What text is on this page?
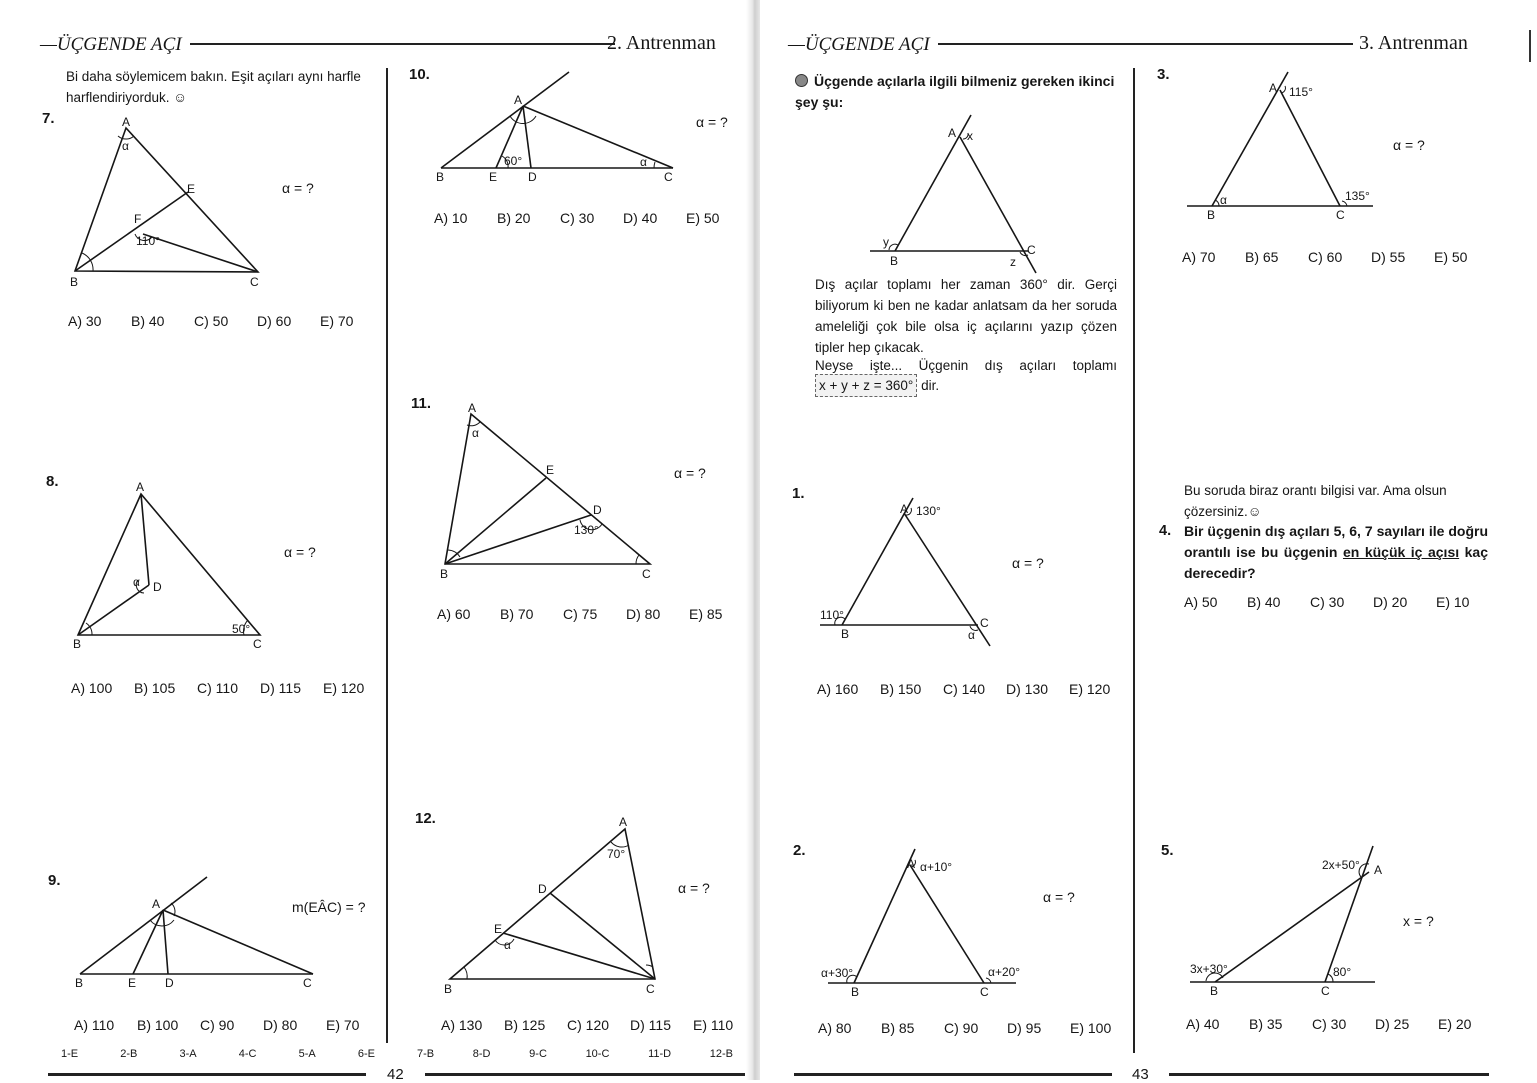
—ÜÇGENDE AÇI	2. Antrenman
Bi daha söylemicem bakın. Eşit açıları aynı harfle harflendiriyorduk. ☺
7.	A
α
E
F
110°
B	C
α = ?
A) 30	B) 40	C) 50	D) 60	E) 70
8.	A
α D
50°
B	C
α = ?
A) 100	B) 105	C) 110	D) 115	E) 120
9.
A
B	E D	C
m(EÂC) = ?
A) 110	B) 100	C) 90	D) 80	E) 70
10.
A
60°	α
B	E	D	C
α = ?
A) 10	B) 20	C) 30	D) 40	E) 50
11.	A
α
E
D
130°
B	C
α = ?
A) 60	B) 70	C) 75	D) 80	E) 85
12.	A
70°
D
E
α
B	C
α = ?
A) 130	B) 125	C) 120	D) 115	E) 110
1-E	2-B	3-A	4-C	5-A	6-E	7-B	8-D	9-C	10-C	11-D	12-B
42
—ÜÇGENDE AÇI	3. Antrenman
Üçgende açılarla ilgili bilmeniz gereken ikinci şey şu:
A x
y
B
C
z
Dış açılar toplamı her zaman 360° dir. Gerçi biliyorum ki ben ne kadar anlatsam da her soruda ameleliği çok bile olsa iç açılarını yazıp çözen tipler hep çıkacak.
Neyse işte... Üçgenin dış açıları toplamı
x + y + z = 360° dir.
1.
A 130°
110°
B
C
α
α = ?
A) 160	B) 150	C) 140	D) 130	E) 120
2.
A α+10°
α+30°
B
α+20°
C
α = ?
A) 80	B) 85	C) 90	D) 95	E) 100
3.
A 115°
α
B
135°
C
α = ?
A) 70	B) 65	C) 60	D) 55	E) 50
Bu soruda biraz orantı bilgisi var. Ama olsun çözersiniz.☺
4. Bir üçgenin dış açıları 5, 6, 7 sayıları ile doğru orantılı ise bu üçgenin en küçük iç açısı kaç derecedir?
A) 50	B) 40	C) 30	D) 20	E) 10
5.
3x+30°
B
80°
C
2x+50° A
x = ?
A) 40	B) 35	C) 30	D) 25	E) 20
43
